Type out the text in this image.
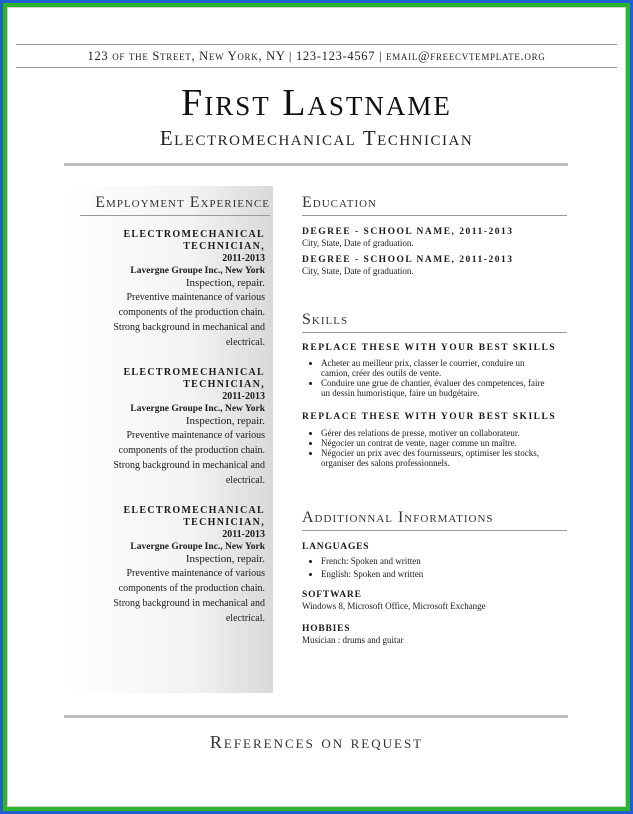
123 of the Street, New York, NY | 123-123-4567 | email@freecvtemplate.org
First Lastname
Electromechanical Technician
Employment Experience
ELECTROMECHANICAL
TECHNICIAN,
2011-2013
Lavergne Groupe Inc., New York
Inspection, repair.
Preventive maintenance of various
components of the production chain.
Strong background in mechanical and
electrical.
ELECTROMECHANICAL
TECHNICIAN,
2011-2013
Lavergne Groupe Inc., New York
Inspection, repair.
Preventive maintenance of various
components of the production chain.
Strong background in mechanical and
electrical.
ELECTROMECHANICAL
TECHNICIAN,
2011-2013
Lavergne Groupe Inc., New York
Inspection, repair.
Preventive maintenance of various
components of the production chain.
Strong background in mechanical and
electrical.
Education
DEGREE - SCHOOL NAME, 2011-2013
City, State, Date of graduation.
DEGREE - SCHOOL NAME, 2011-2013
City, State, Date of graduation.
Skills
REPLACE THESE WITH YOUR BEST SKILLS
• Acheter au meilleur prix, classer le courrier, conduire un
camion, créer des outils de vente.
• Conduire une grue de chantier, évaluer des competences, faire
un dessin humoristique, faire un budgétaire.
REPLACE THESE WITH YOUR BEST SKILLS
• Gérer des relations de presse, motiver un collaborateur.
• Négocier un contrat de vente, nager comme un maître.
• Négocier un prix avec des fournisseurs, optimiser les stocks,
organiser des salons professionnels.
Additionnal Informations
LANGUAGES
• French: Spoken and written
• English: Spoken and written
SOFTWARE
Windows 8, Microsoft Office, Microsoft Exchange
HOBBIES
Musician : drums and guitar
References on request
